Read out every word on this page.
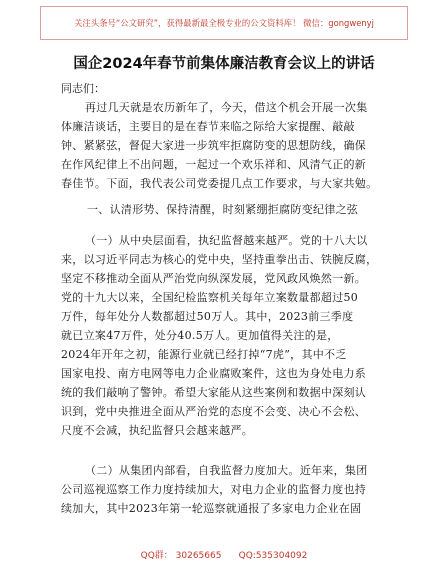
关注头条号“公文研究”，获得最新最全极专业的公文资料库！ 微信：gongwenyj
国企2024年春节前集体廉洁教育会议上的讲话
同志们：
再过几天就是农历新年了，今天，借这个机会开展一次集
体廉洁谈话，主要目的是在春节来临之际给大家提醒、敲敲
钟、紧紧弦，督促大家进一步筑牢拒腐防变的思想防线，确保
在作风纪律上不出问题，一起过一个欢乐祥和、风清气正的新
春佳节。下面，我代表公司党委提几点工作要求，与大家共勉。
一、认清形势、保持清醒，时刻紧绷拒腐防变纪律之弦
（一）从中央层面看，执纪监督越来越严。党的十八大以
来，以习近平同志为核心的党中央，坚持重拳出击、铁腕反腐，
坚定不移推动全面从严治党向纵深发展，党风政风焕然一新。
党的十九大以来，全国纪检监察机关每年立案数量都超过50
万件，每年处分人数都超过50万人。其中，2023前三季度
就已立案47万件，处分40.5万人。更加值得关注的是，
2024年开年之初，能源行业就已经打掉“7虎”，其中不乏
国家电投、南方电网等电力企业腐败案件，这也为身处电力系
统的我们敲响了警钟。希望大家能从这些案例和数据中深刻认
识到，党中央推进全面从严治党的态度不会变、决心不会松、
尺度不会减，执纪监督只会越来越严。
（二）从集团内部看，自我监督力度加大。近年来，集团
公司巡视巡察工作力度持续加大，对电力企业的监督力度也持
续加大，其中2023年第一轮巡察就通报了多家电力企业在固
QQ群： 30265665      QQ:535304092
